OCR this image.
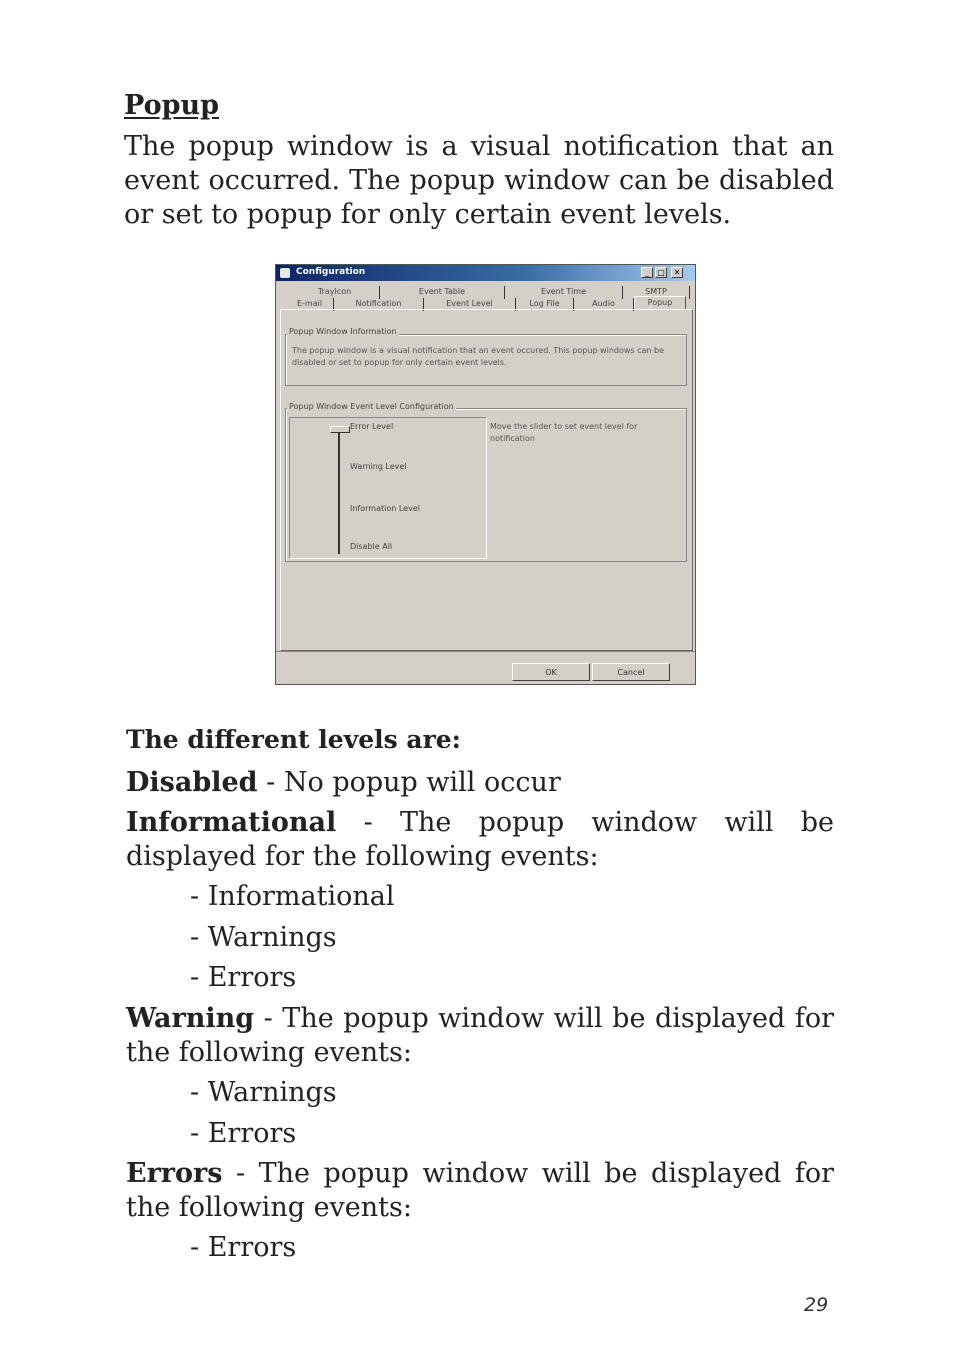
Popup
The popup window is a visual notification that an event occurred. The popup window can be disabled or set to popup for only certain event levels.
Configuration	_	□	✕
TrayIcon	Event Table	Event Time	SMTP
E-mail	Notification	Event Level	Log File	Audio	Popup
The popup window is a visual notification that an event occured. This popup windows can be disabled or set to popup for only certain event levels.
Popup Window Information
Error Level
Warning Level
Information Level
Disable All
Move the slider to set event level for notification
Popup Window Event Level Configuration
OK	Cancel
The different levels are:
Disabled - No popup will occur
Informational - The popup window will be displayed for the following events:
- Informational
- Warnings
- Errors
Warning - The popup window will be displayed for the following events:
- Warnings
- Errors
Errors - The popup window will be displayed for the following events:
- Errors
29
